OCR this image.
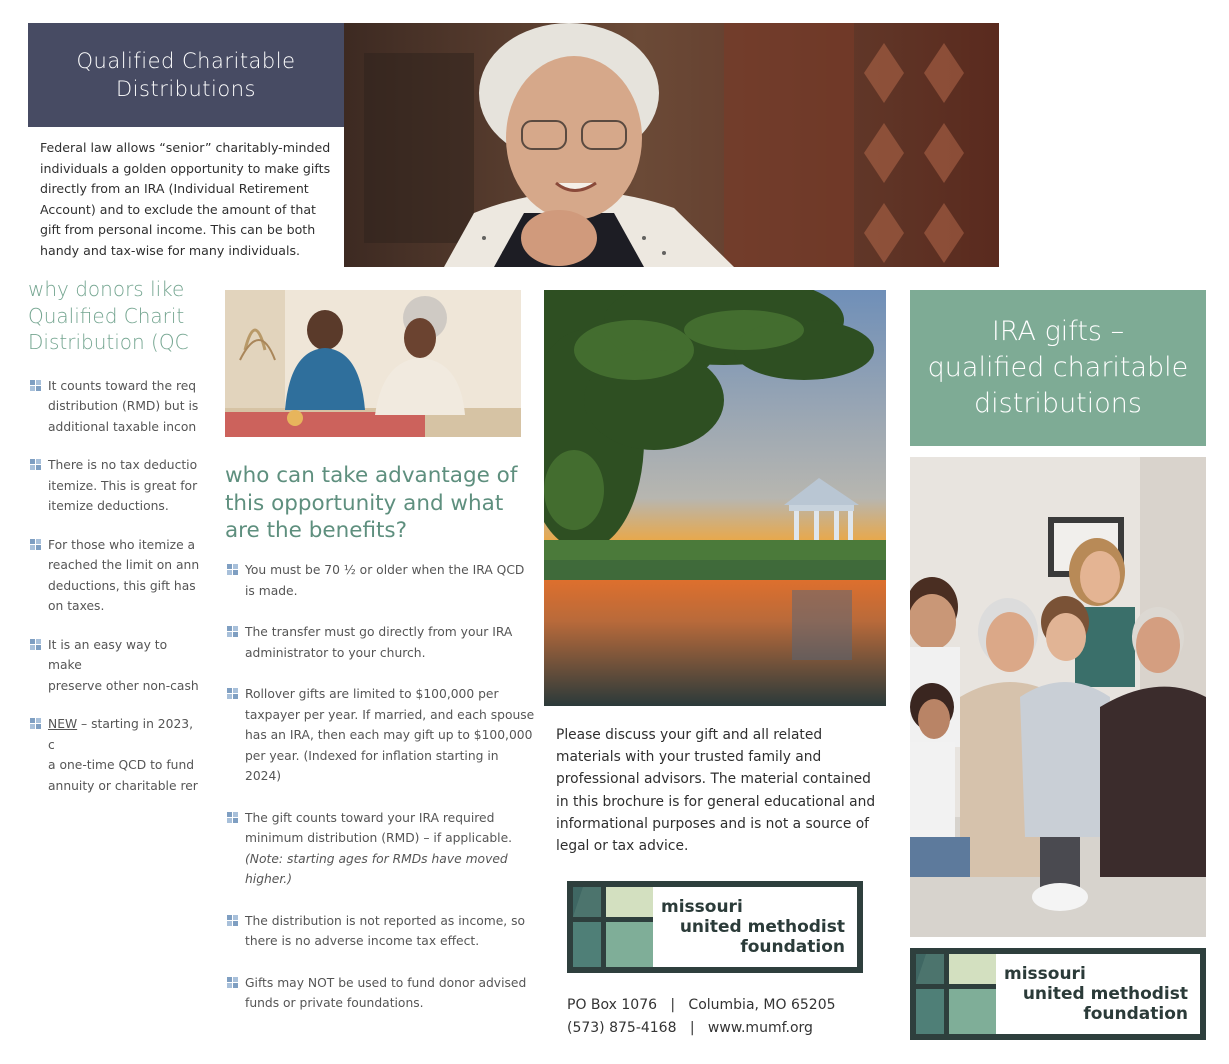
Qualified Charitable
Distributions
Federal law allows “senior” charitably-minded individuals a golden opportunity to make gifts directly from an IRA (Individual Retirement Account) and to exclude the amount of that gift from personal income. This can be both handy and tax-wise for many individuals.
why donors like
Qualified Charit
Distribution (QC
It counts toward the req
distribution (RMD) but is
additional taxable incon
There is no tax deductio
itemize. This is great for
itemize deductions.
For those who itemize a
reached the limit on ann
deductions, this gift has
on taxes.
It is an easy way to make
preserve other non-cash
NEW – starting in 2023, c
a one-time QCD to fund
annuity or charitable rer
who can take advantage of this opportunity and what are the benefits?
You must be 70 ½ or older when the IRA QCD is made.
The transfer must go directly from your IRA administrator to your church.
Rollover gifts are limited to $100,000 per taxpayer per year. If married, and each spouse has an IRA, then each may gift up to $100,000 per year. (Indexed for inflation starting in 2024)
The gift counts toward your IRA required minimum distribution (RMD) – if applicable. (Note: starting ages for RMDs have moved higher.)
The distribution is not reported as income, so there is no adverse income tax effect.
Gifts may NOT be used to fund donor advised funds or private foundations.
Please discuss your gift and all related materials with your trusted family and professional advisors. The material contained in this brochure is for general educational and informational purposes and is not a source of legal or tax advice.
missouri
united methodist
foundation
PO Box 1076   |   Columbia, MO 65205
(573) 875-4168   |   www.mumf.org
IRA gifts –
qualified charitable
distributions
missouri
united methodist
foundation
